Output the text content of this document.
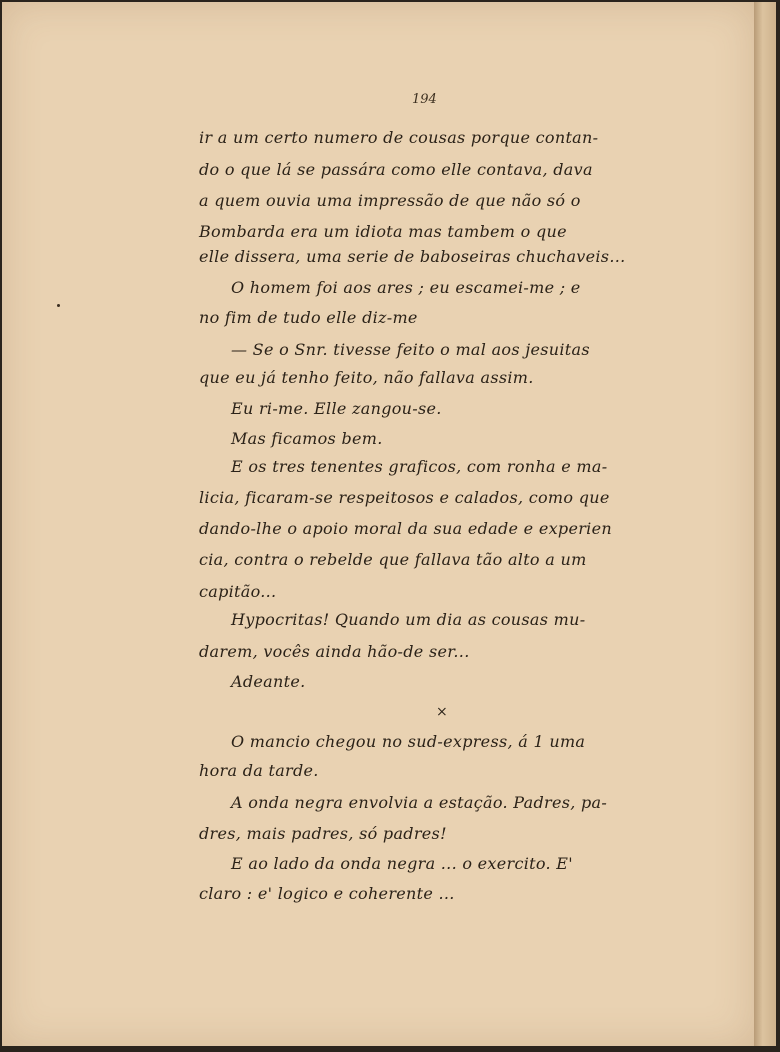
194
ir a um certo numero de cousas porque contan-
do o que lá se passára como elle contava, dava
a quem ouvia uma impressão de que não só o
Bombarda era um idiota mas tambem o que
elle dissera, uma serie de baboseiras chuchaveis...
O homem foi aos ares ; eu escamei-me ; e
no fim de tudo elle diz-me
— Se o Snr. tivesse feito o mal aos jesuitas
que eu já tenho feito, não fallava assim.
Eu ri-me. Elle zangou-se.
Mas ficamos bem.
E os tres tenentes graficos, com ronha e ma-
licia, ficaram-se respeitosos e calados, como que
dando-lhe o apoio moral da sua edade e experien
cia, contra o rebelde que fallava tão alto a um
capitão...
Hypocritas! Quando um dia as cousas mu-
darem, vocês ainda hão-de ser...
Adeante.
×
O mancio chegou no sud-express, á 1 uma
hora da tarde.
A onda negra envolvia a estação. Padres, pa-
dres, mais padres, só padres!
E ao lado da onda negra ... o exercito. E'
claro : e' logico e coherente ...
